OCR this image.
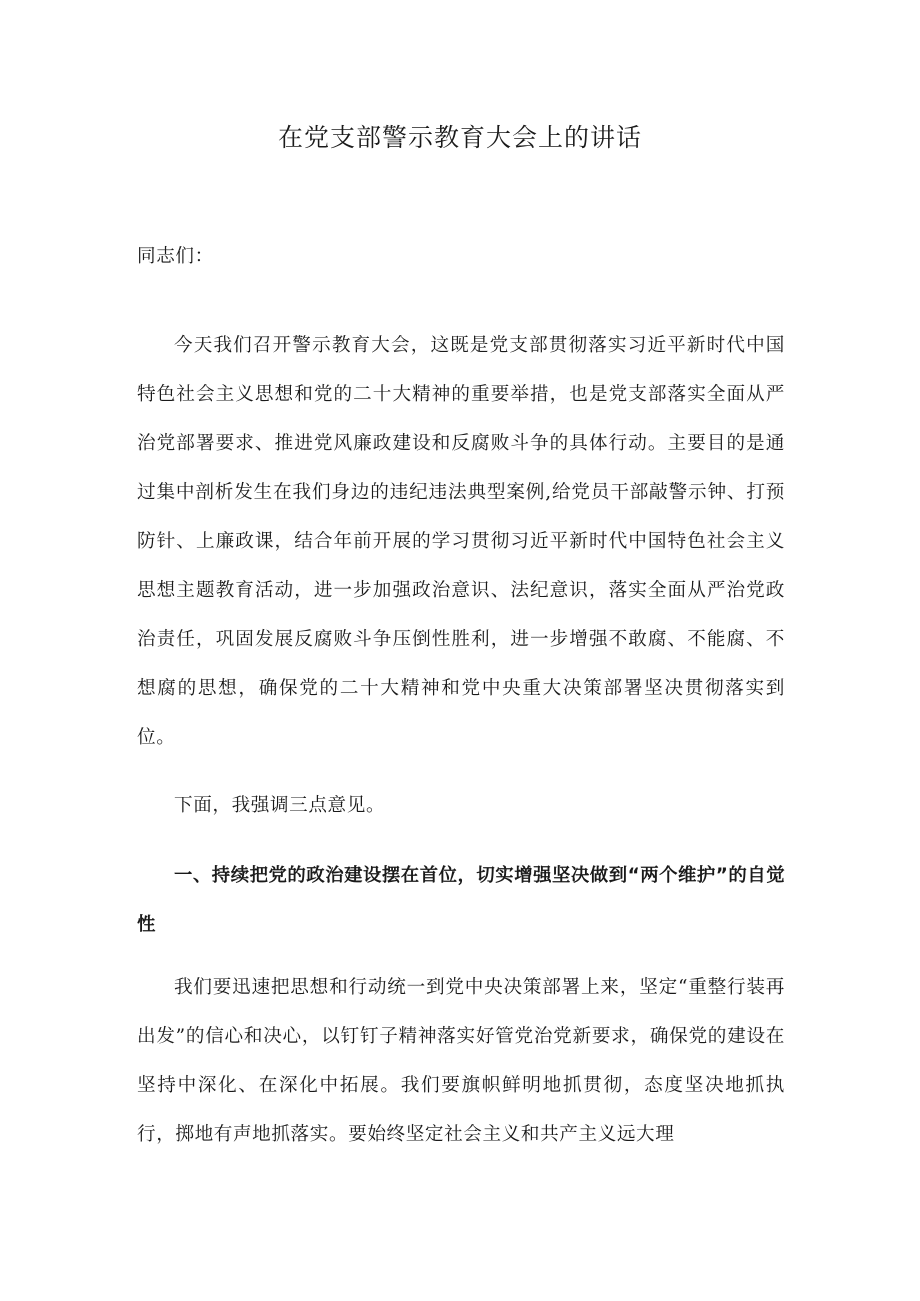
在党支部警示教育大会上的讲话

同志们：

今天我们召开警示教育大会，这既是党支部贯彻落实习近平新时代中国特色社会主义思想和党的二十大精神的重要举措，也是党支部落实全面从严治党部署要求、推进党风廉政建设和反腐败斗争的具体行动。主要目的是通过集中剖析发生在我们身边的违纪违法典型案例,给党员干部敲警示钟、打预防针、上廉政课，结合年前开展的学习贯彻习近平新时代中国特色社会主义思想主题教育活动，进一步加强政治意识、法纪意识，落实全面从严治党政治责任，巩固发展反腐败斗争压倒性胜利，进一步增强不敢腐、不能腐、不想腐的思想，确保党的二十大精神和党中央重大决策部署坚决贯彻落实到位。

下面，我强调三点意见。

一、持续把党的政治建设摆在首位，切实增强坚决做到“两个维护”的自觉性

我们要迅速把思想和行动统一到党中央决策部署上来，坚定“重整行装再出发”的信心和决心，以钉钉子精神落实好管党治党新要求，确保党的建设在坚持中深化、在深化中拓展。我们要旗帜鲜明地抓贯彻，态度坚决地抓执行，掷地有声地抓落实。要始终坚定社会主义和共产主义远大理
